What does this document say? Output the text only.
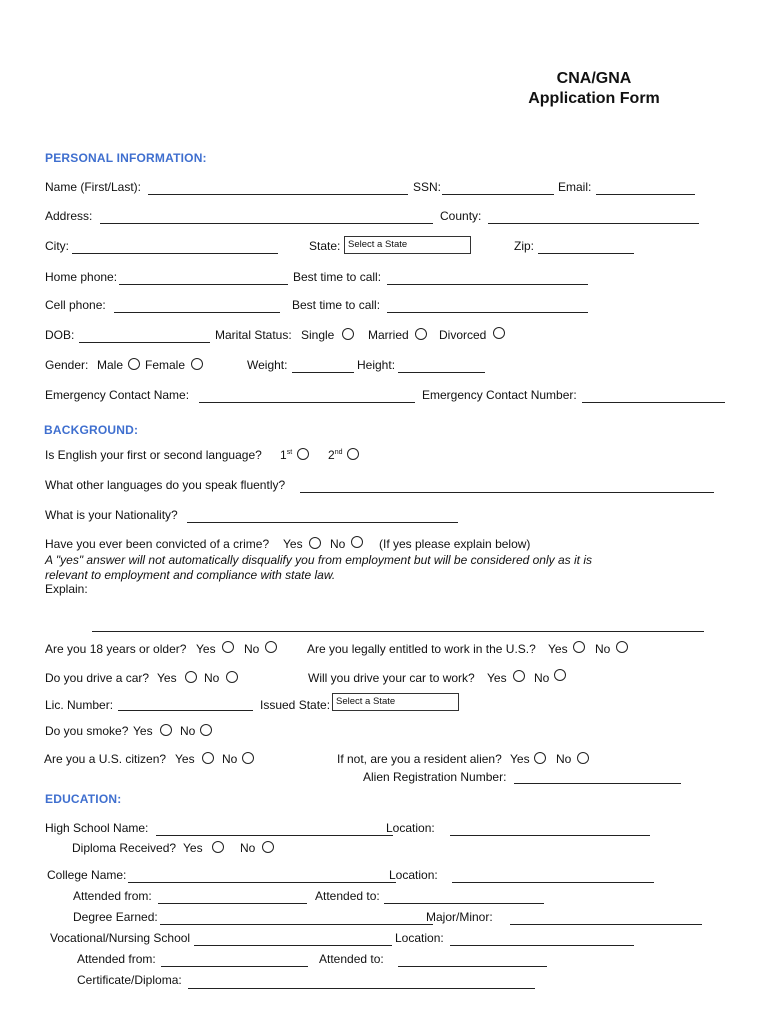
CNA/GNA
Application Form
PERSONAL INFORMATION:
Name (First/Last):	SSN:	Email:
Address:	County:
City:	State: Select a State	Zip:
Home phone:	Best time to call:
Cell phone:	Best time to call:
DOB:	Marital Status: Single	Married	Divorced
Gender: Male Female	Weight:	Height:
Emergency Contact Name:	Emergency Contact Number:
BACKGROUND:
Is English your first or second language? 1st	2nd
What other languages do you speak fluently?
What is your Nationality?
Have you ever been convicted of a crime? Yes No	(If yes please explain below)
A "yes" answer will not automatically disqualify you from employment but will be considered only as it is
relevant to employment and compliance with state law.
Explain:
Are you 18 years or older? Yes No	Are you legally entitled to work in the U.S.? Yes No
Do you drive a car? Yes No	Will you drive your car to work? Yes No
Lic. Number:	Issued State: Select a State
Do you smoke? Yes No
Are you a U.S. citizen? Yes No	If not, are you a resident alien? Yes No
Alien Registration Number:
EDUCATION:
High School Name:	Location:
Diploma Received? Yes	No
College Name:	Location:
Attended from:	Attended to:
Degree Earned:	Major/Minor:
Vocational/Nursing School	Location:
Attended from:	Attended to:
Certificate/Diploma:
